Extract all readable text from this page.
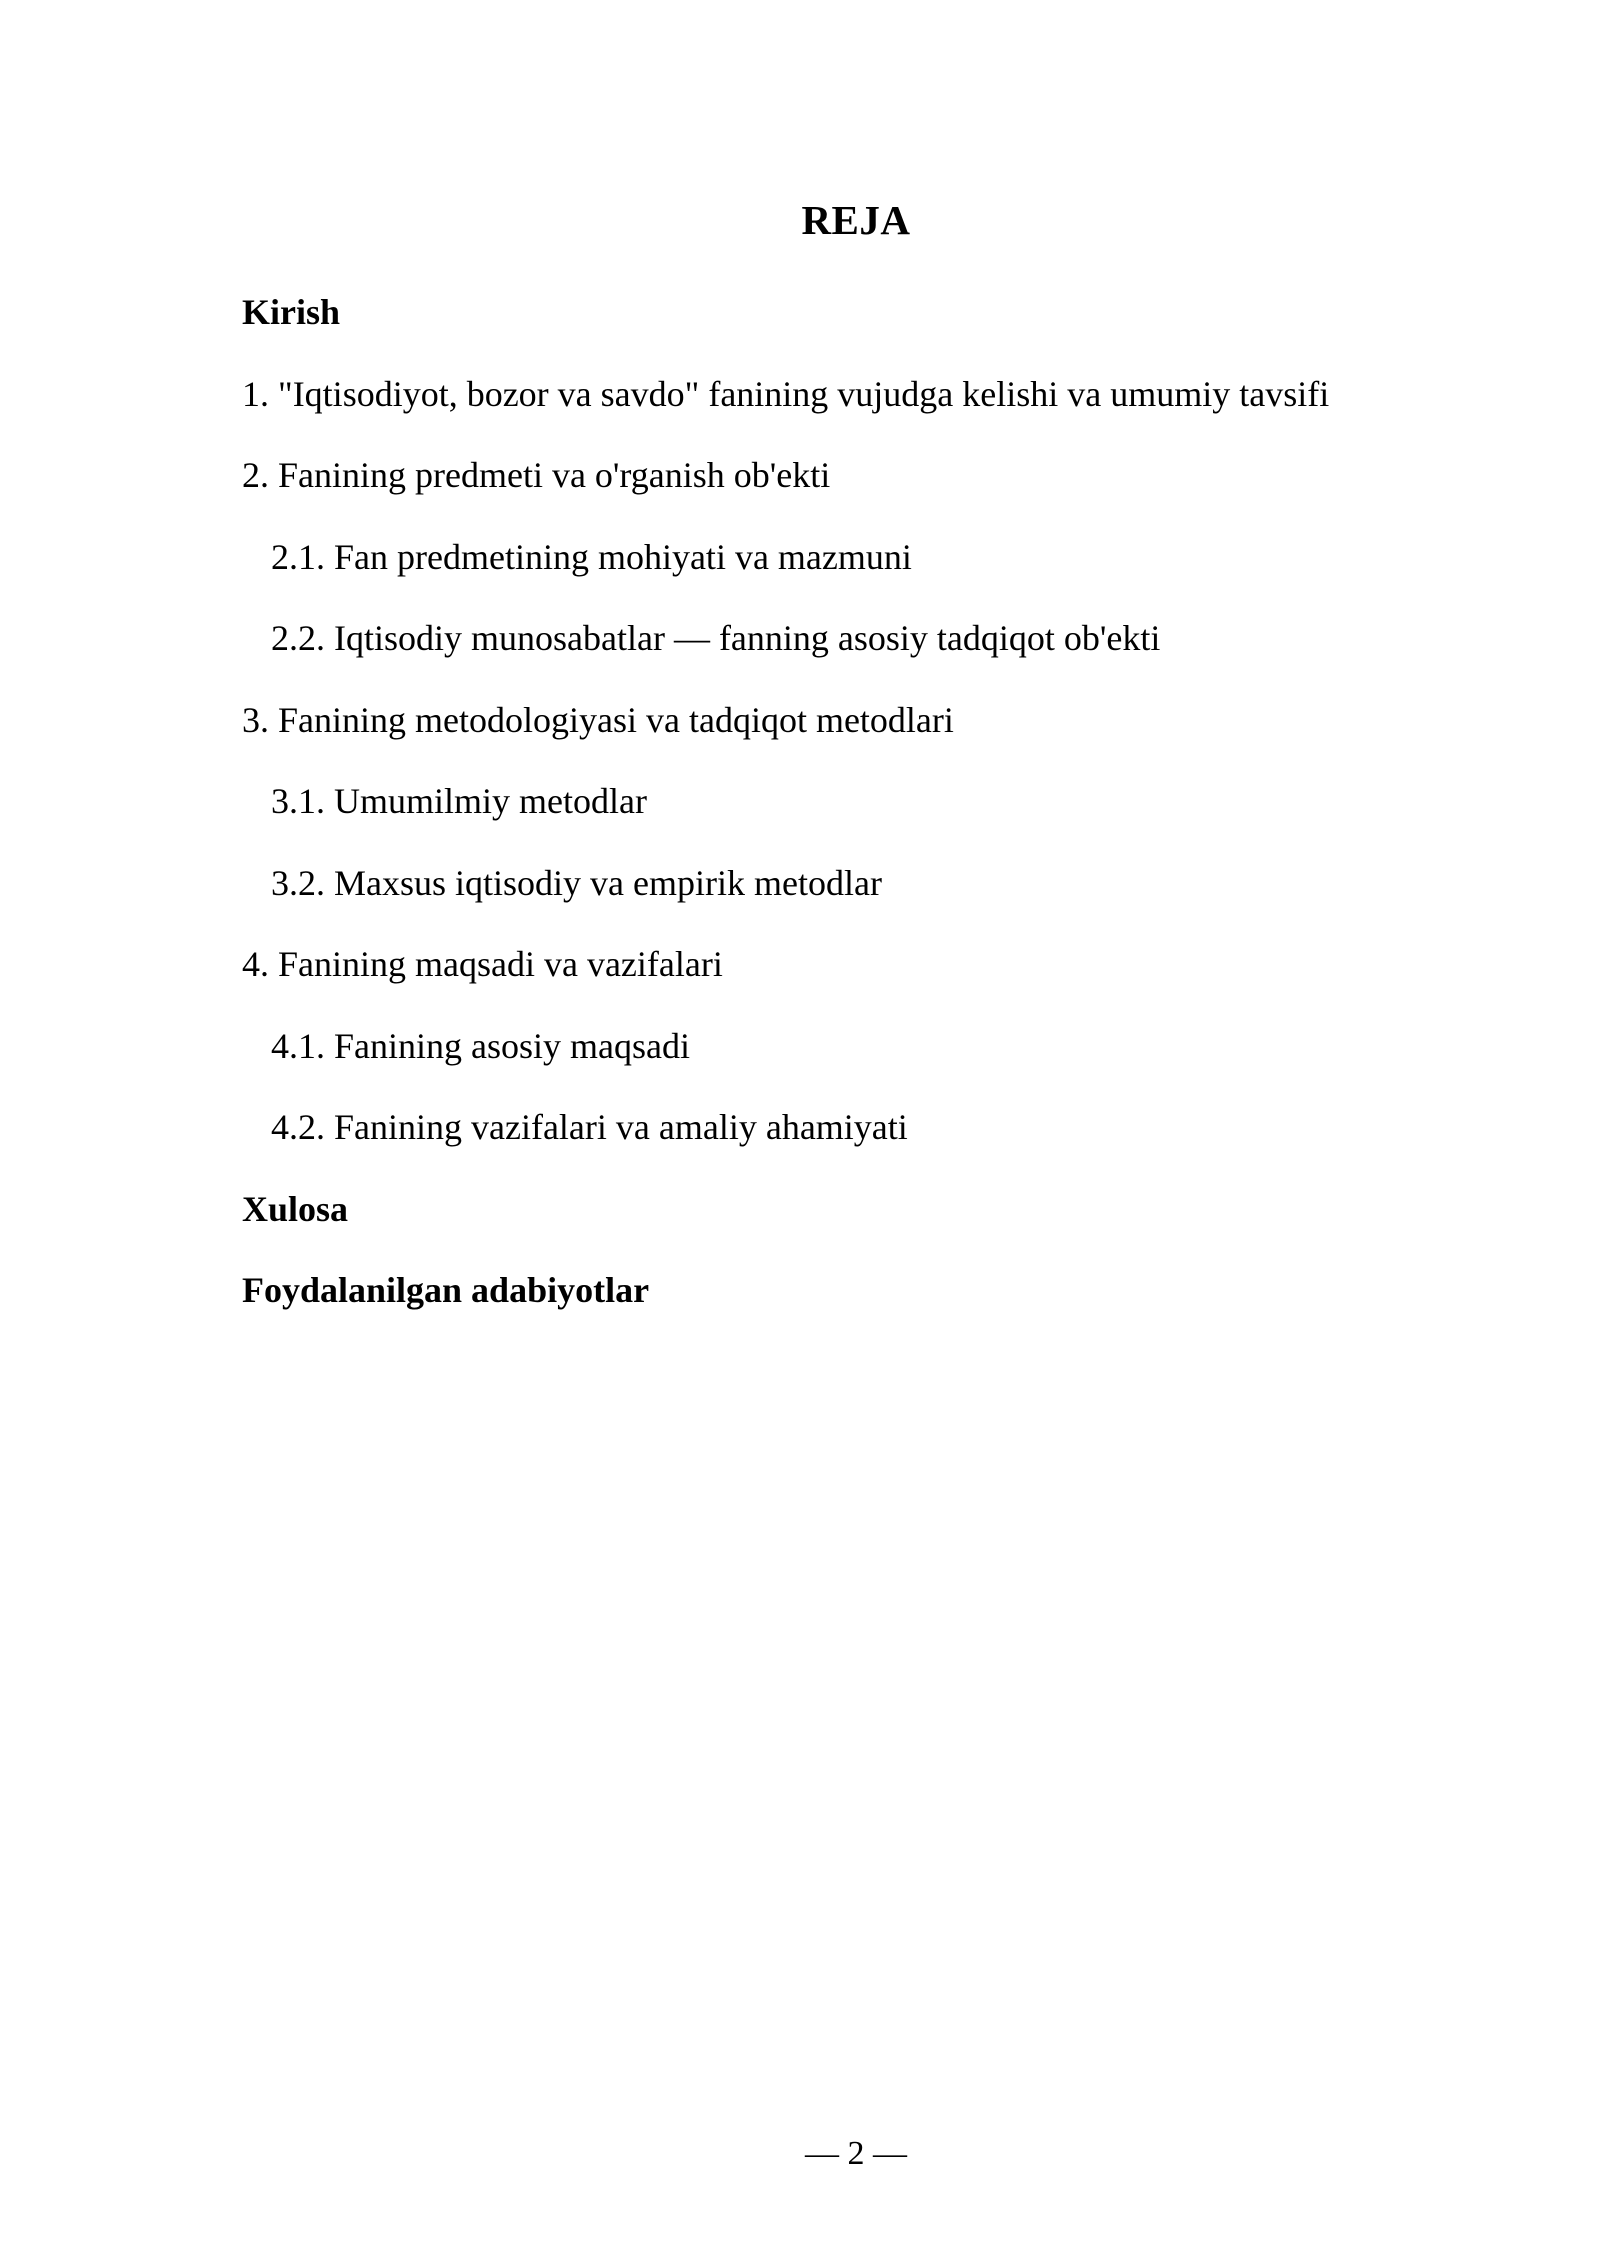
REJA
Kirish
1. "Iqtisodiyot, bozor va savdo" fanining vujudga kelishi va umumiy tavsifi
2. Fanining predmeti va o'rganish ob'ekti
2.1. Fan predmetining mohiyati va mazmuni
2.2. Iqtisodiy munosabatlar — fanning asosiy tadqiqot ob'ekti
3. Fanining metodologiyasi va tadqiqot metodlari
3.1. Umumilmiy metodlar
3.2. Maxsus iqtisodiy va empirik metodlar
4. Fanining maqsadi va vazifalari
4.1. Fanining asosiy maqsadi
4.2. Fanining vazifalari va amaliy ahamiyati
Xulosa
Foydalanilgan adabiyotlar
— 2 —
